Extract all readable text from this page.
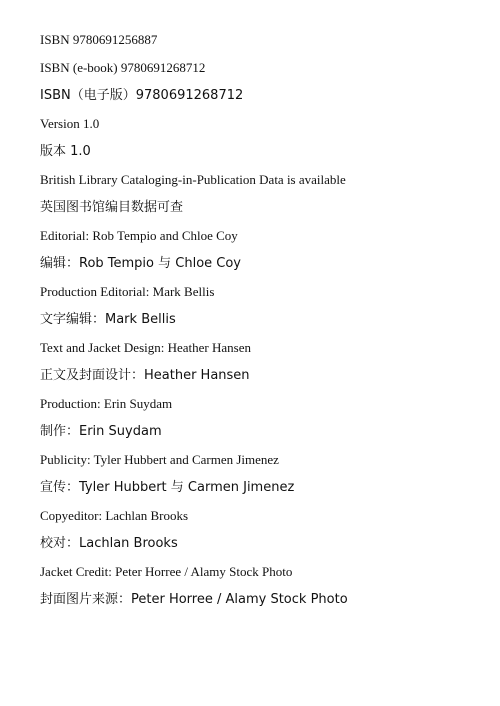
ISBN 9780691256887
ISBN (e-book) 9780691268712
ISBN（电子版）9780691268712
Version 1.0
版本 1.0
British Library Cataloging-in-Publication Data is available
英国图书馆编目数据可查
Editorial: Rob Tempio and Chloe Coy
编辑：Rob Tempio 与 Chloe Coy
Production Editorial: Mark Bellis
文字编辑：Mark Bellis
Text and Jacket Design: Heather Hansen
正文及封面设计：Heather Hansen
Production: Erin Suydam
制作：Erin Suydam
Publicity: Tyler Hubbert and Carmen Jimenez
宣传：Tyler Hubbert 与 Carmen Jimenez
Copyeditor: Lachlan Brooks
校对：Lachlan Brooks
Jacket Credit: Peter Horree / Alamy Stock Photo
封面图片来源：Peter Horree / Alamy Stock Photo
